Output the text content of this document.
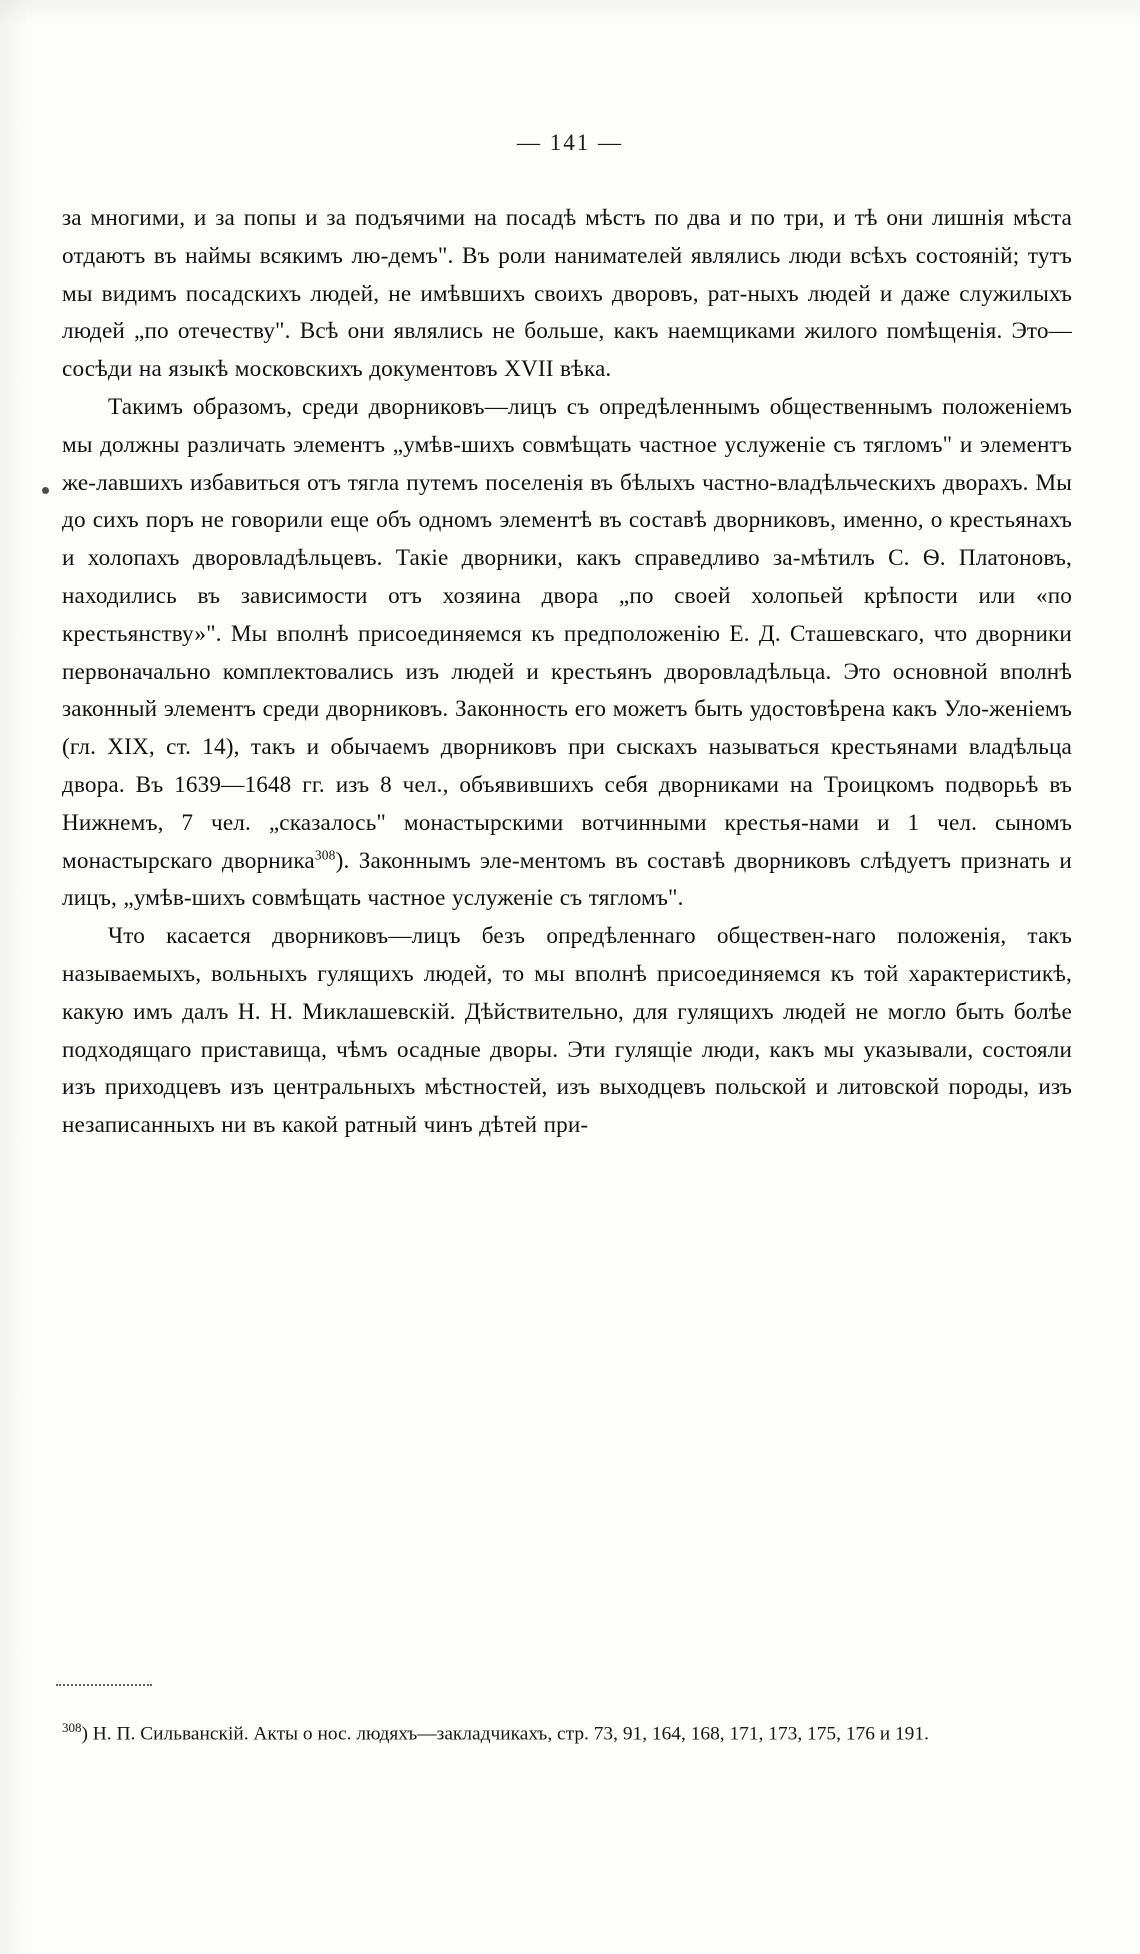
— 141 —

за многими, и за попы и за подъячими на посадѣ мѣстъ по два и по три, и тѣ они лишнія мѣста отдаютъ въ наймы всякимъ лю-демъ". Въ роли нанимателей являлись люди всѣхъ состояній; тутъ мы видимъ посадскихъ людей, не имѣвшихъ своихъ дворовъ, рат-ныхъ людей и даже служилыхъ людей „по отечеству". Всѣ они являлись не больше, какъ наемщиками жилого помѣщенія. Это—сосѣди на языкѣ московскихъ документовъ XVII вѣка.

Такимъ образомъ, среди дворниковъ—лицъ съ опредѣленнымъ общественнымъ положеніемъ мы должны различать элементъ „умѣв-шихъ совмѣщать частное услуженіе съ тягломъ" и элементъ же-лавшихъ избавиться отъ тягла путемъ поселенія въ бѣлыхъ частно-владѣльческихъ дворахъ. Мы до сихъ поръ не говорили еще объ одномъ элементѣ въ составѣ дворниковъ, именно, о крестьянахъ и холопахъ дворовладѣльцевъ. Такіе дворники, какъ справедливо за-мѣтилъ С. Ѳ. Платоновъ, находились въ зависимости отъ хозяина двора „по своей холопьей крѣпости или «по крестьянству»". Мы вполнѣ присоединяемся къ предположенію Е. Д. Сташевскаго, что дворники первоначально комплектовались изъ людей и крестьянъ дворовладѣльца. Это основной вполнѣ законный элементъ среди дворниковъ. Законность его можетъ быть удостовѣрена какъ Уло-женіемъ (гл. XIX, ст. 14), такъ и обычаемъ дворниковъ при сыскахъ называться крестьянами владѣльца двора. Въ 1639—1648 гг. изъ 8 чел., объявившихъ себя дворниками на Троицкомъ подворьѣ въ Нижнемъ, 7 чел. „сказалось" монастырскими вотчинными крестья-нами и 1 чел. сыномъ монастырскаго дворника$^{308}$). Законнымъ эле-ментомъ въ составѣ дворниковъ слѣдуетъ признать и лицъ, „умѣв-шихъ совмѣщать частное услуженіе съ тягломъ".

Что касается дворниковъ—лицъ безъ опредѣленнаго обществен-наго положенія, такъ называемыхъ, вольныхъ гулящихъ людей, то мы вполнѣ присоединяемся къ той характеристикѣ, какую имъ далъ Н. Н. Миклашевскій. Дѣйствительно, для гулящихъ людей не могло быть болѣе подходящаго приставища, чѣмъ осадные дворы. Эти гулящіе люди, какъ мы указывали, состояли изъ приходцевъ изъ центральныхъ мѣстностей, изъ выходцевъ польской и литовской породы, изъ незаписанныхъ ни въ какой ратный чинъ дѣтей при-

$^{308}$) Н. П. Сильванскій. Акты о нос. людяхъ—закладчикахъ, стр. 73, 91, 164, 168, 171, 173, 175, 176 и 191.
